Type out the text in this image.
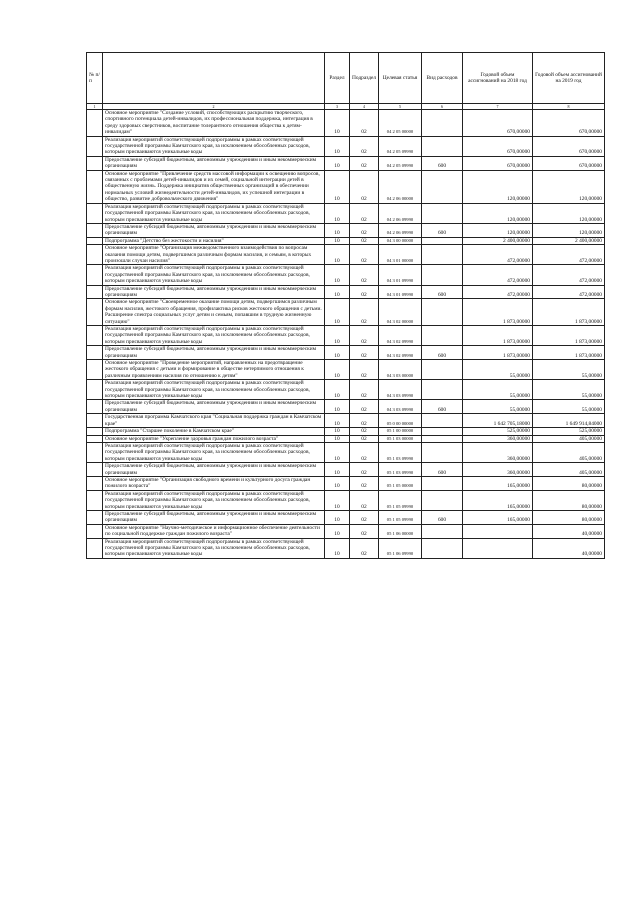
№ п/п		Раздел	Подраздел	Целевая статья	Вид расходов	Годовой объем ассигнований на 2018 год	Годовой объем ассигнований на 2019 год
1	2	3	4	5	6	7	8
	Основное мероприятие "Создание условий, способствующих раскрытию творческого, спортивного потенциала детей-инвалидов, их профессиональная поддержка, интеграция в среду здоровых сверстников, воспитание толерантного отношения общества к детям-инвалидам"	10	02	04 2 05 00000		670,00000	670,00000
	Реализация мероприятий соответствующей подпрограммы в рамках соответствующей государственной программы Камчатского края, за исключением обособленных расходов, которым присваиваются уникальные коды	10	02	04 2 05 09990		670,00000	670,00000
	Предоставление субсидий бюджетным, автономным учреждениям и иным некоммерческим организациям	10	02	04 2 05 09990	600	670,00000	670,00000
	Основное мероприятие "Привлечение средств массовой информации к освещению вопросов, связанных с проблемами детей-инвалидов и их семей, социальной интеграции детей в общественную жизнь. Поддержка инициатив общественных организаций в обеспечении нормальных условий жизнедеятельности детей-инвалидов, их успешной интеграции в общество, развитие добровольческого движения"	10	02	04 2 06 00000		120,00000	120,00000
	Реализация мероприятий соответствующей подпрограммы в рамках соответствующей государственной программы Камчатского края, за исключением обособленных расходов, которым присваиваются уникальные коды	10	02	04 2 06 09990		120,00000	120,00000
	Предоставление субсидий бюджетным, автономным учреждениям и иным некоммерческим организациям	10	02	04 2 06 09990	600	120,00000	120,00000
	Подпрограмма "Детство без жестокости и насилия"	10	02	04 3 00 00000		2 400,00000	2 400,00000
	Основное мероприятие "Организация межведомственного взаимодействия по вопросам оказания помощи детям, подвергшимся различным формам насилия, и семьям, в которых произошли случаи насилия"	10	02	04 3 01 00000		472,00000	472,00000
	Реализация мероприятий соответствующей подпрограммы в рамках соответствующей государственной программы Камчатского края, за исключением обособленных расходов, которым присваиваются уникальные коды	10	02	04 3 01 09990		472,00000	472,00000
	Предоставление субсидий бюджетным, автономным учреждениям и иным некоммерческим организациям	10	02	04 3 01 09990	600	472,00000	472,00000
	Основное мероприятие "Своевременное оказание помощи детям, подвергшимся различным формам насилия, жестокого обращения, профилактика рисков жестокого обращения с детьми. Расширение спектра социальных услуг детям и семьям, попавшим в трудную жизненную ситуацию"	10	02	04 3 02 00000		1 873,00000	1 873,00000
	Реализация мероприятий соответствующей подпрограммы в рамках соответствующей государственной программы Камчатского края, за исключением обособленных расходов, которым присваиваются уникальные коды	10	02	04 3 02 09990		1 873,00000	1 873,00000
	Предоставление субсидий бюджетным, автономным учреждениям и иным некоммерческим организациям	10	02	04 3 02 09990	600	1 873,00000	1 873,00000
	Основное мероприятие "Проведение мероприятий, направленных на предотвращение жестокого обращения с детьми и формирование в обществе нетерпимого отношения к различным проявлениям насилия по отношению к детям"	10	02	04 3 03 00000		55,00000	55,00000
	Реализация мероприятий соответствующей подпрограммы в рамках соответствующей государственной программы Камчатского края, за исключением обособленных расходов, которым присваиваются уникальные коды	10	02	04 3 03 09990		55,00000	55,00000
	Предоставление субсидий бюджетным, автономным учреждениям и иным некоммерческим организациям	10	02	04 3 03 09990	600	55,00000	55,00000
	Государственная программа Камчатского края "Социальная поддержка граждан в Камчатском крае"	10	02	05 0 00 00000		1 642 705,18000	1 649 914,84000
	Подпрограмма "Старшее поколение в Камчатском крае"	10	02	05 1 00 00000		525,00000	525,00000
	Основное мероприятие "Укрепление здоровья граждан пожилого возраста"	10	02	05 1 03 00000		360,00000	405,00000
	Реализация мероприятий соответствующей подпрограммы в рамках соответствующей государственной программы Камчатского края, за исключением обособленных расходов, которым присваиваются уникальные коды	10	02	05 1 03 09990		360,00000	405,00000
	Предоставление субсидий бюджетным, автономным учреждениям и иным некоммерческим организациям	10	02	05 1 03 09990	600	360,00000	405,00000
	Основное мероприятие "Организация свободного времени и культурного досуга граждан пожилого возраста"	10	02	05 1 05 00000		165,00000	80,00000
	Реализация мероприятий соответствующей подпрограммы в рамках соответствующей государственной программы Камчатского края, за исключением обособленных расходов, которым присваиваются уникальные коды	10	02	05 1 05 09990		165,00000	80,00000
	Предоставление субсидий бюджетным, автономным учреждениям и иным некоммерческим организациям	10	02	05 1 05 09990	600	165,00000	80,00000
	Основное мероприятие "Научно-методическое и информационное обеспечение деятельности по социальной поддержке граждан пожилого возраста"	10	02	05 1 06 00000			40,00000
	Реализация мероприятий соответствующей подпрограммы в рамках соответствующей государственной программы Камчатского края, за исключением обособленных расходов, которым присваиваются уникальные коды	10	02	05 1 06 09990			40,00000
